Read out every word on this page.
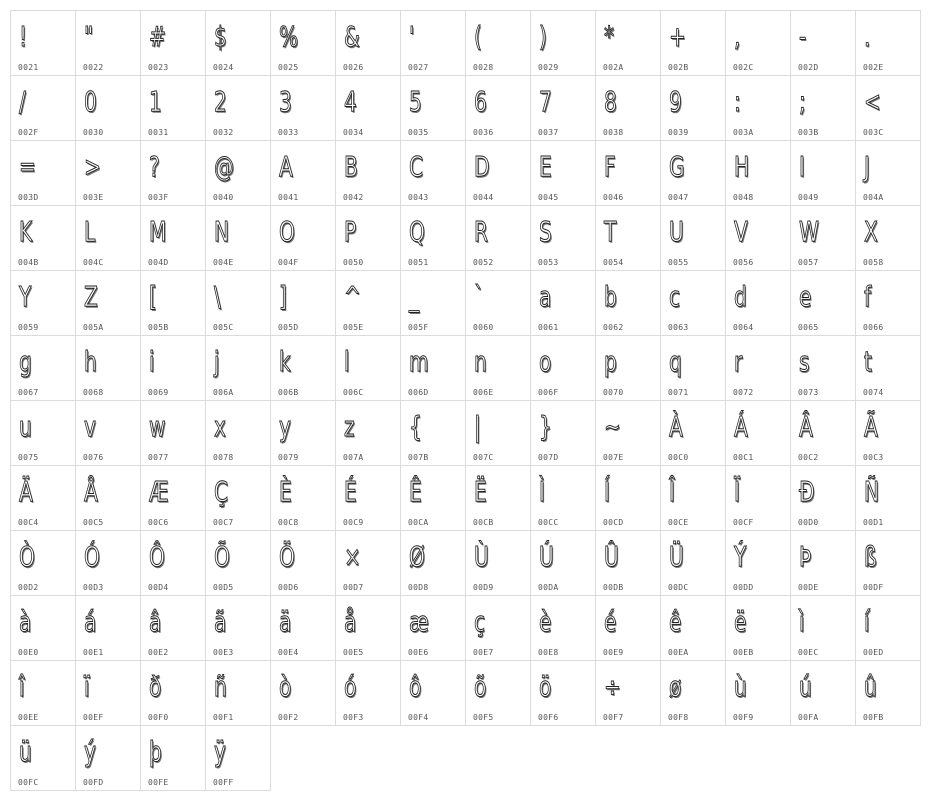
!
0021
"
0022
#
0023
$
0024
%
0025
&
0026
'
0027
(
0028
)
0029
*
002A
+
002B
,
002C
-
002D
.
002E
/
002F
0
0030
1
0031
2
0032
3
0033
4
0034
5
0035
6
0036
7
0037
8
0038
9
0039
:
003A
;
003B
<
003C
=
003D
>
003E
?
003F
@
0040
A
0041
B
0042
C
0043
D
0044
E
0045
F
0046
G
0047
H
0048
I
0049
J
004A
K
004B
L
004C
M
004D
N
004E
O
004F
P
0050
Q
0051
R
0052
S
0053
T
0054
U
0055
V
0056
W
0057
X
0058
Y
0059
Z
005A
[
005B
\
005C
]
005D
^
005E
_
005F
`
0060
a
0061
b
0062
c
0063
d
0064
e
0065
f
0066
g
0067
h
0068
i
0069
j
006A
k
006B
l
006C
m
006D
n
006E
o
006F
p
0070
q
0071
r
0072
s
0073
t
0074
u
0075
v
0076
w
0077
x
0078
y
0079
z
007A
{
007B
|
007C
}
007D
~
007E
À
00C0
Á
00C1
Â
00C2
Ã
00C3
Ä
00C4
Å
00C5
Æ
00C6
Ç
00C7
È
00C8
É
00C9
Ê
00CA
Ë
00CB
Ì
00CC
Í
00CD
Î
00CE
Ï
00CF
Ð
00D0
Ñ
00D1
Ò
00D2
Ó
00D3
Ô
00D4
Õ
00D5
Ö
00D6
×
00D7
Ø
00D8
Ù
00D9
Ú
00DA
Û
00DB
Ü
00DC
Ý
00DD
Þ
00DE
ß
00DF
à
00E0
á
00E1
â
00E2
ã
00E3
ä
00E4
å
00E5
æ
00E6
ç
00E7
è
00E8
é
00E9
ê
00EA
ë
00EB
ì
00EC
í
00ED
î
00EE
ï
00EF
ð
00F0
ñ
00F1
ò
00F2
ó
00F3
ô
00F4
õ
00F5
ö
00F6
÷
00F7
ø
00F8
ù
00F9
ú
00FA
û
00FB
ü
00FC
ý
00FD
þ
00FE
ÿ
00FF
